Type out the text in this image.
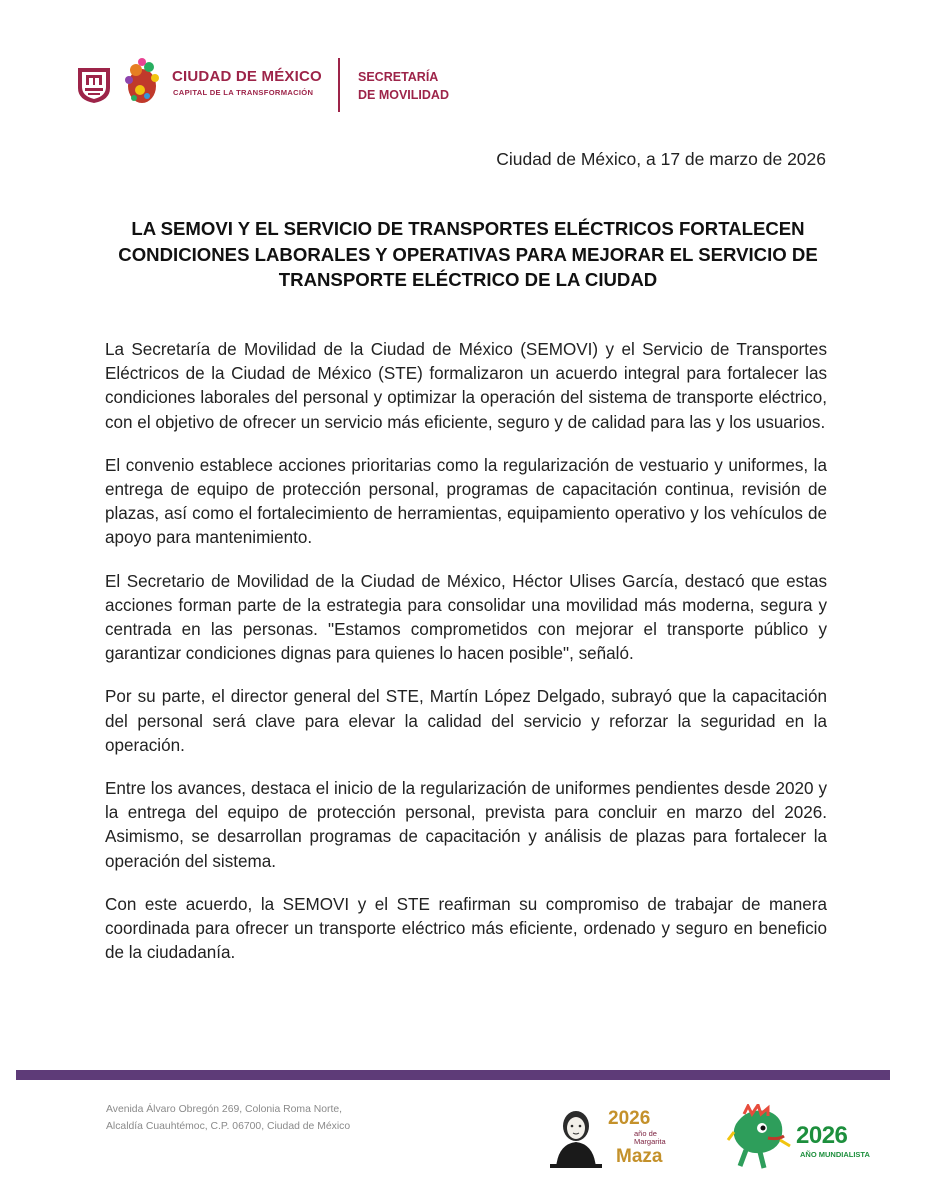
CIUDAD DE MÉXICO
CAPITAL DE LA TRANSFORMACIÓN
SECRETARÍA
DE MOVILIDAD
Ciudad de México, a 17 de marzo de 2026
LA SEMOVI Y EL SERVICIO DE TRANSPORTES ELÉCTRICOS FORTALECEN CONDICIONES LABORALES Y OPERATIVAS PARA MEJORAR EL SERVICIO DE TRANSPORTE ELÉCTRICO DE LA CIUDAD

La Secretaría de Movilidad de la Ciudad de México (SEMOVI) y el Servicio de Transportes Eléctricos de la Ciudad de México (STE) formalizaron un acuerdo integral para fortalecer las condiciones laborales del personal y optimizar la operación del sistema de transporte eléctrico, con el objetivo de ofrecer un servicio más eficiente, seguro y de calidad para las y los usuarios.

El convenio establece acciones prioritarias como la regularización de vestuario y uniformes, la entrega de equipo de protección personal, programas de capacitación continua, revisión de plazas, así como el fortalecimiento de herramientas, equipamiento operativo y los vehículos de apoyo para mantenimiento.

El Secretario de Movilidad de la Ciudad de México, Héctor Ulises García, destacó que estas acciones forman parte de la estrategia para consolidar una movilidad más moderna, segura y centrada en las personas. "Estamos comprometidos con mejorar el transporte público y garantizar condiciones dignas para quienes lo hacen posible", señaló.

Por su parte, el director general del STE, Martín López Delgado, subrayó que la capacitación del personal será clave para elevar la calidad del servicio y reforzar la seguridad en la operación.

Entre los avances, destaca el inicio de la regularización de uniformes pendientes desde 2020 y la entrega del equipo de protección personal, prevista para concluir en marzo del 2026. Asimismo, se desarrollan programas de capacitación y análisis de plazas para fortalecer la operación del sistema.

Con este acuerdo, la SEMOVI y el STE reafirman su compromiso de trabajar de manera coordinada para ofrecer un transporte eléctrico más eficiente, ordenado y seguro en beneficio de la ciudadanía.

Avenida Álvaro Obregón 269, Colonia Roma Norte,
Alcaldía Cuauhtémoc, C.P. 06700, Ciudad de México	2026
año de
Margarita
Maza
2026
AÑO MUNDIALISTA
